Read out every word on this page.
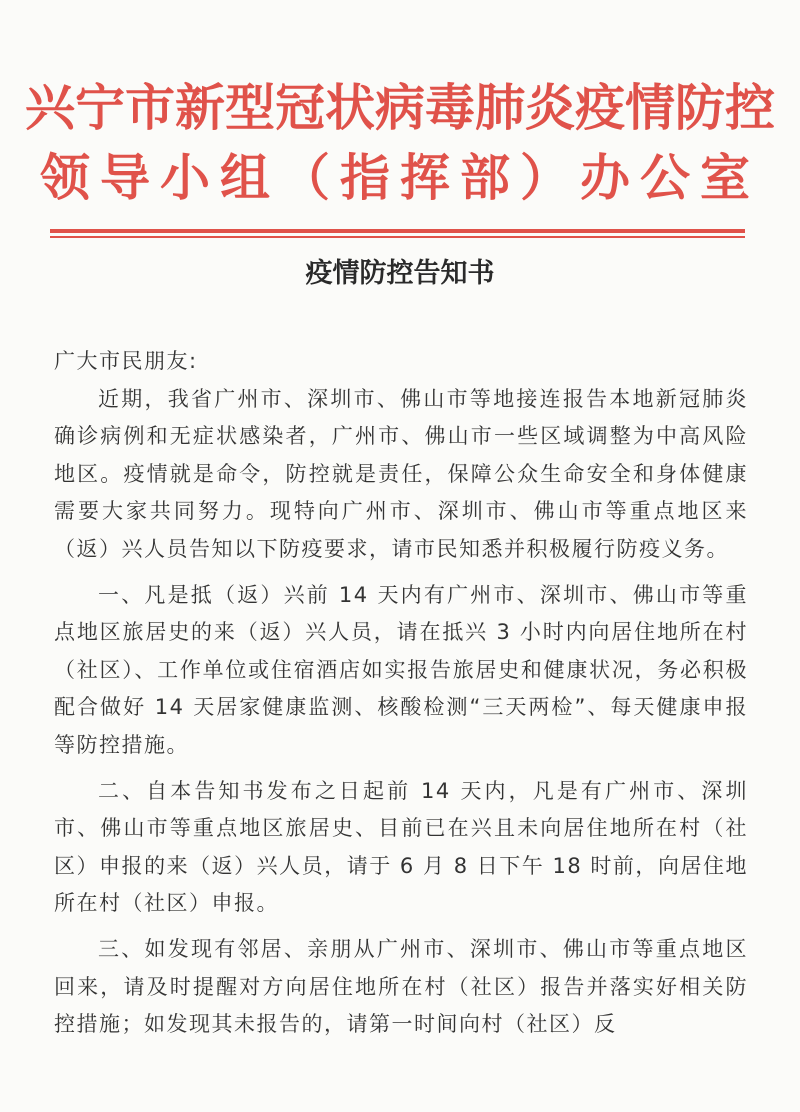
兴宁市新型冠状病毒肺炎疫情防控
领导小组（指挥部）办公室
疫情防控告知书

广大市民朋友:

近期，我省广州市、深圳市、佛山市等地接连报告本地新冠肺炎确诊病例和无症状感染者，广州市、佛山市一些区域调整为中高风险地区。疫情就是命令，防控就是责任，保障公众生命安全和身体健康需要大家共同努力。现特向广州市、深圳市、佛山市等重点地区来（返）兴人员告知以下防疫要求，请市民知悉并积极履行防疫义务。

一、凡是抵（返）兴前 14 天内有广州市、深圳市、佛山市等重点地区旅居史的来（返）兴人员，请在抵兴 3 小时内向居住地所在村（社区）、工作单位或住宿酒店如实报告旅居史和健康状况，务必积极配合做好 14 天居家健康监测、核酸检测“三天两检”、每天健康申报等防控措施。

二、自本告知书发布之日起前 14 天内，凡是有广州市、深圳市、佛山市等重点地区旅居史、目前已在兴且未向居住地所在村（社区）申报的来（返）兴人员，请于 6 月 8 日下午 18 时前，向居住地所在村（社区）申报。

三、如发现有邻居、亲朋从广州市、深圳市、佛山市等重点地区回来，请及时提醒对方向居住地所在村（社区）报告并落实好相关防控措施；如发现其未报告的，请第一时间向村（社区）反
